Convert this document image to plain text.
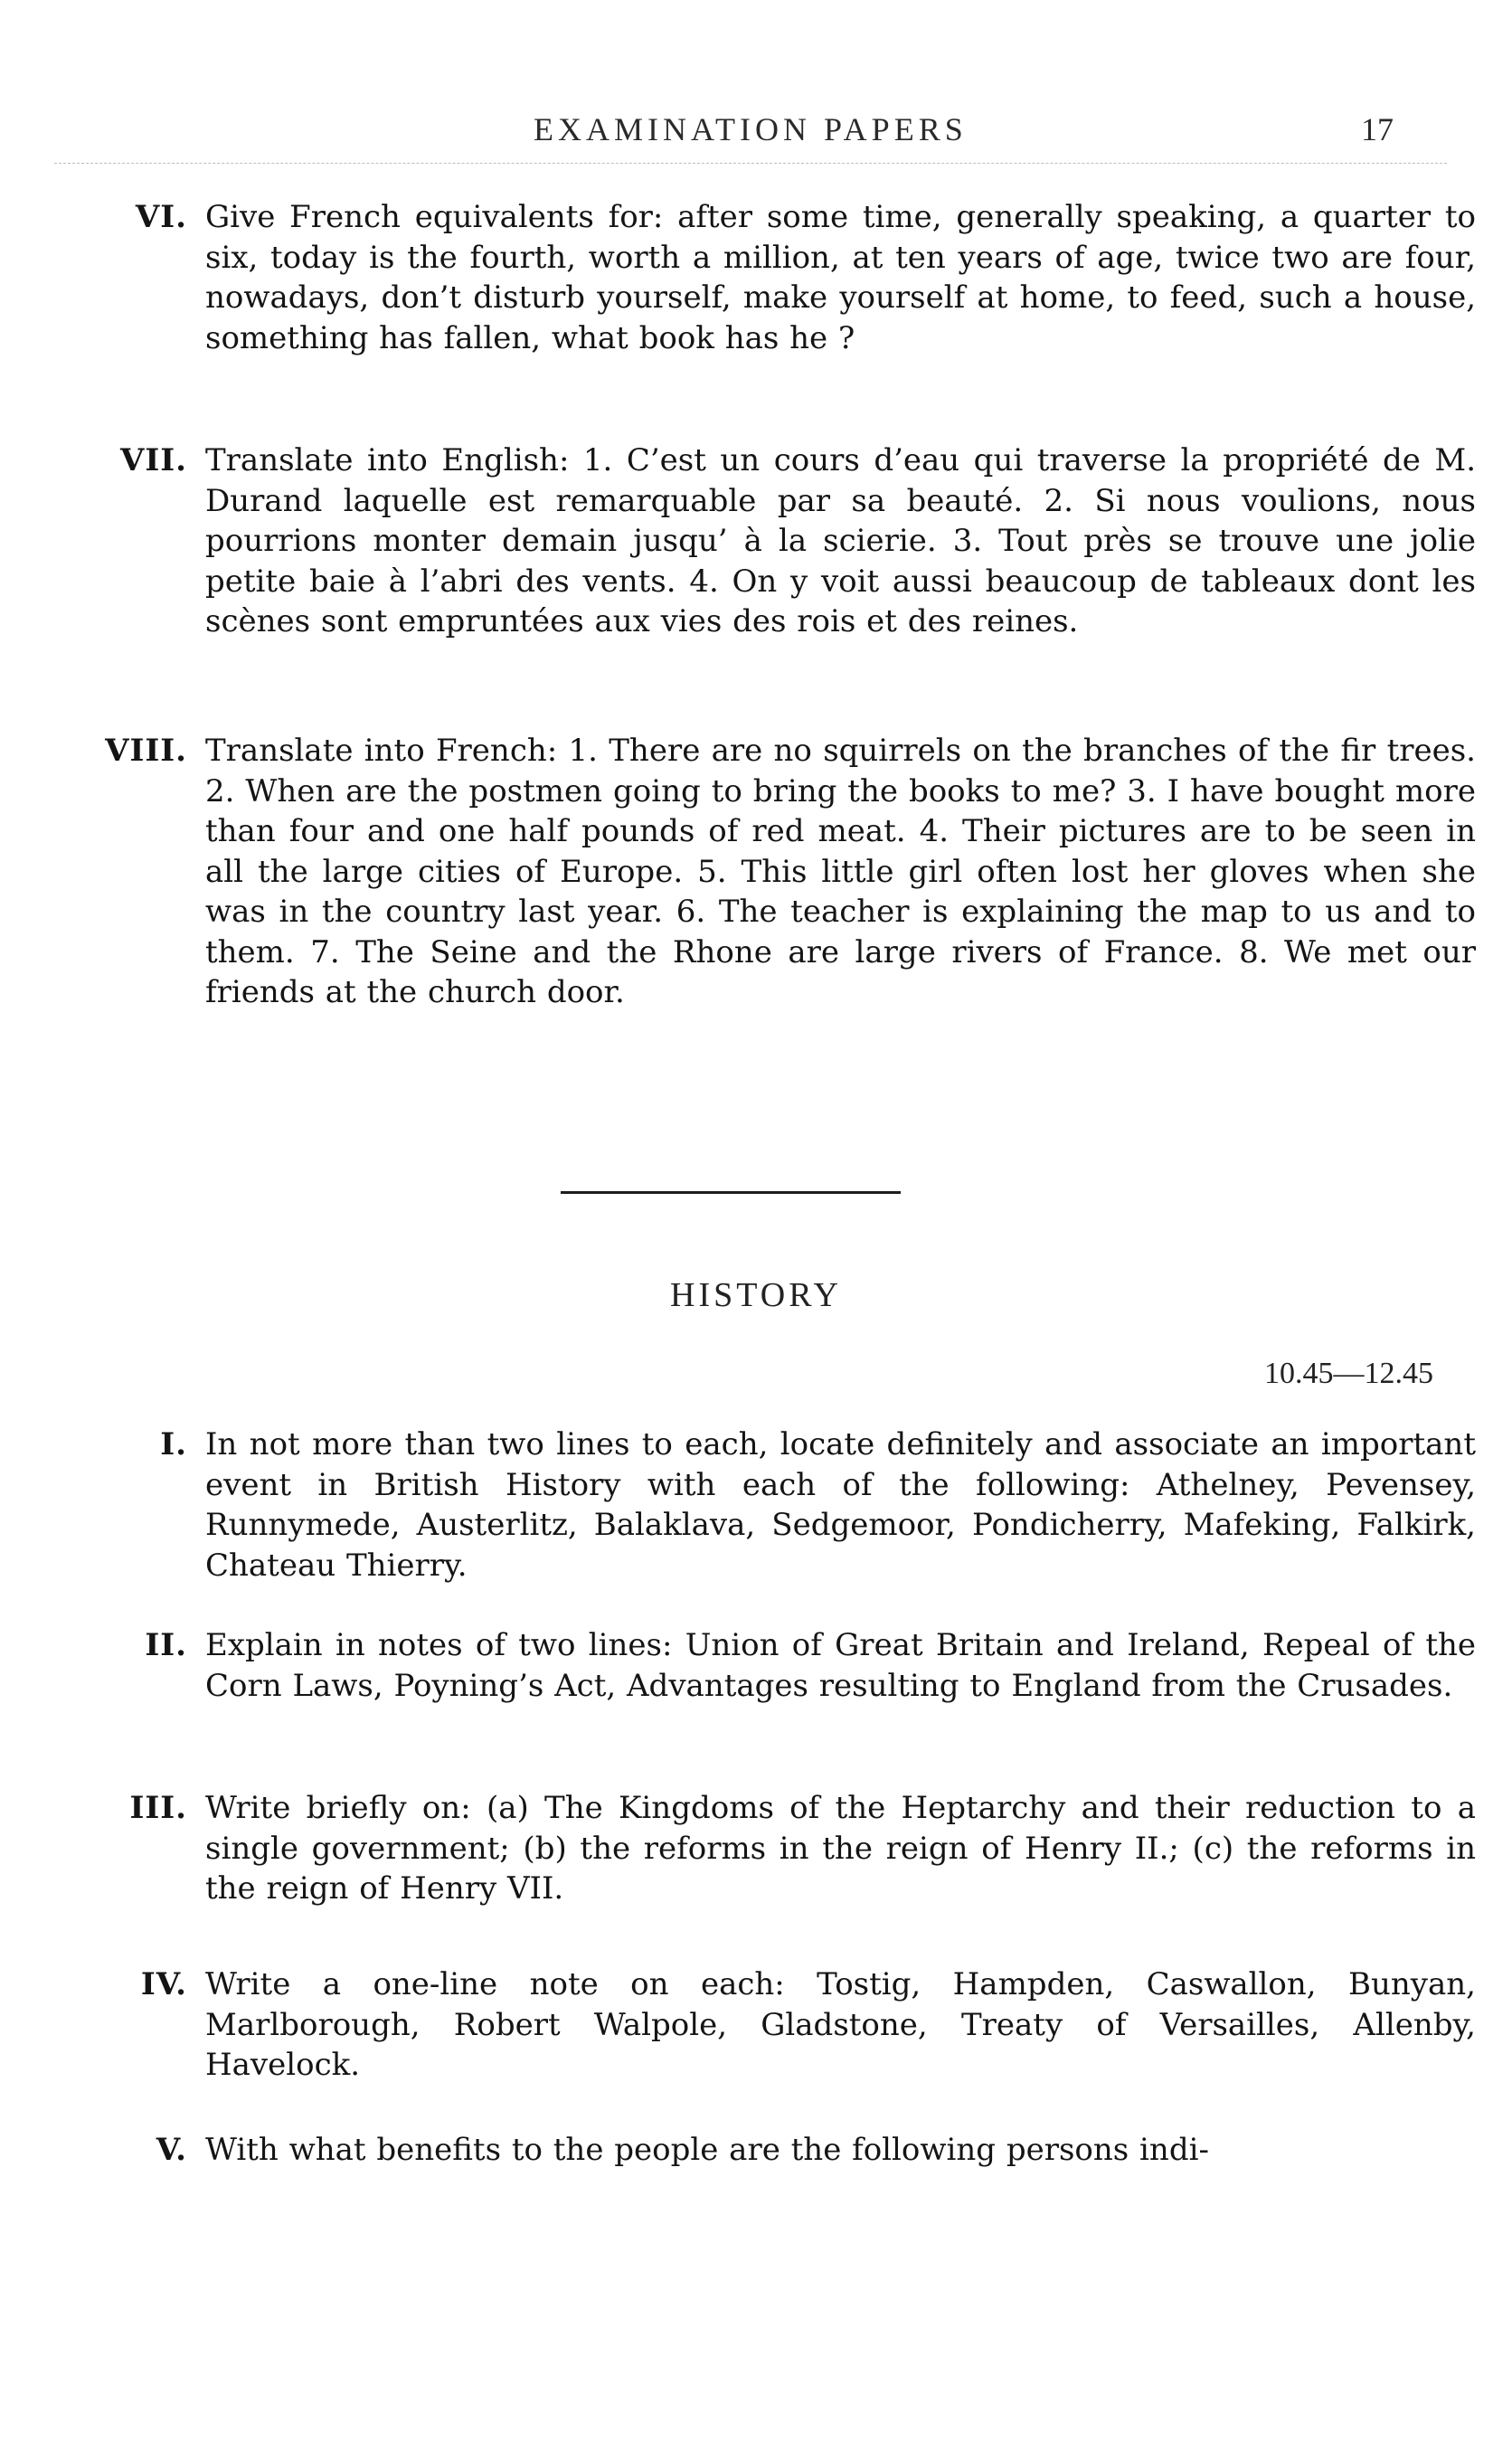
EXAMINATION PAPERS	17
VI. Give French equivalents for: after some time, generally speaking, a quarter to six, today is the fourth, worth a million, at ten years of age, twice two are four, nowadays, don’t disturb yourself, make yourself at home, to feed, such a house, something has fallen, what book has he ?
VII. Translate into English: 1. C’est un cours d’eau qui traverse la propriété de M. Durand laquelle est remarquable par sa beauté. 2. Si nous voulions, nous pourrions monter demain jusqu’ à la scierie. 3. Tout près se trouve une jolie petite baie à l’abri des vents. 4. On y voit aussi beaucoup de tableaux dont les scènes sont empruntées aux vies des rois et des reines.
VIII. Translate into French: 1. There are no squirrels on the branches of the fir trees. 2. When are the postmen going to bring the books to me? 3. I have bought more than four and one half pounds of red meat. 4. Their pictures are to be seen in all the large cities of Europe. 5. This little girl often lost her gloves when she was in the country last year. 6. The teacher is explaining the map to us and to them. 7. The Seine and the Rhone are large rivers of France. 8. We met our friends at the church door.
HISTORY
10.45—12.45
I. In not more than two lines to each, locate definitely and associate an important event in British History with each of the following: Athelney, Pevensey, Runnymede, Austerlitz, Balaklava, Sedgemoor, Pondicherry, Mafeking, Falkirk, Chateau Thierry.
II. Explain in notes of two lines: Union of Great Britain and Ireland, Repeal of the Corn Laws, Poyning’s Act, Advantages resulting to England from the Crusades.
III. Write briefly on: (a) The Kingdoms of the Heptarchy and their reduction to a single government; (b) the reforms in the reign of Henry II.; (c) the reforms in the reign of Henry VII.
IV. Write a one-line note on each: Tostig, Hampden, Caswallon, Bunyan, Marlborough, Robert Walpole, Gladstone, Treaty of Versailles, Allenby, Havelock.
V. With what benefits to the people are the following persons indi-
